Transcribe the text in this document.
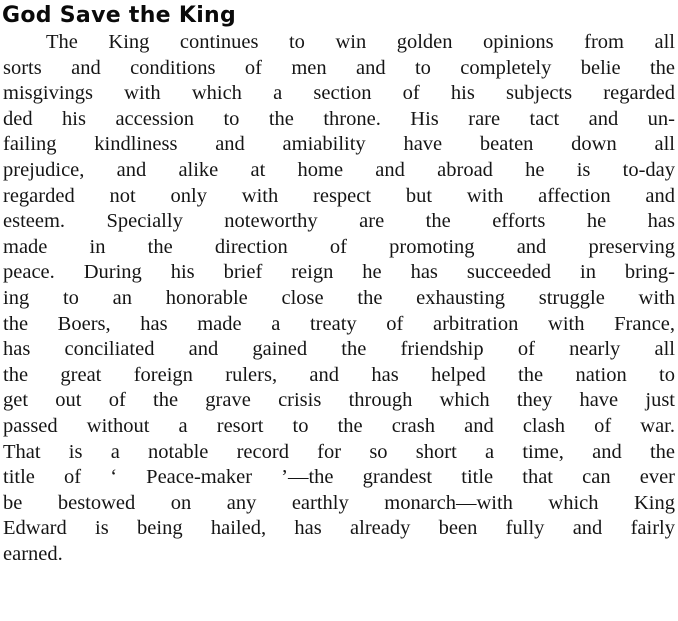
God Save the King
The King continues to win golden opinions from all
sorts and conditions of men and to completely belie the
misgivings with which a section of his subjects regarded
ded his accession to the throne. His rare tact and un-
failing kindliness and amiability have beaten down all
prejudice, and alike at home and abroad he is to-day
regarded not only with respect but with affection and
esteem. Specially noteworthy are the efforts he has
made in the direction of promoting and preserving
peace. During his brief reign he has succeeded in bring-
ing to an honorable close the exhausting struggle with
the Boers, has made a treaty of arbitration with France,
has conciliated and gained the friendship of nearly all
the great foreign rulers, and has helped the nation to
get out of the grave crisis through which they have just
passed without a resort to the crash and clash of war.
That is a notable record for so short a time, and the
title of ‘ Peace-maker ’—the grandest title that can ever
be bestowed on any earthly monarch—with which King
Edward is being hailed, has already been fully and fairly
earned.
